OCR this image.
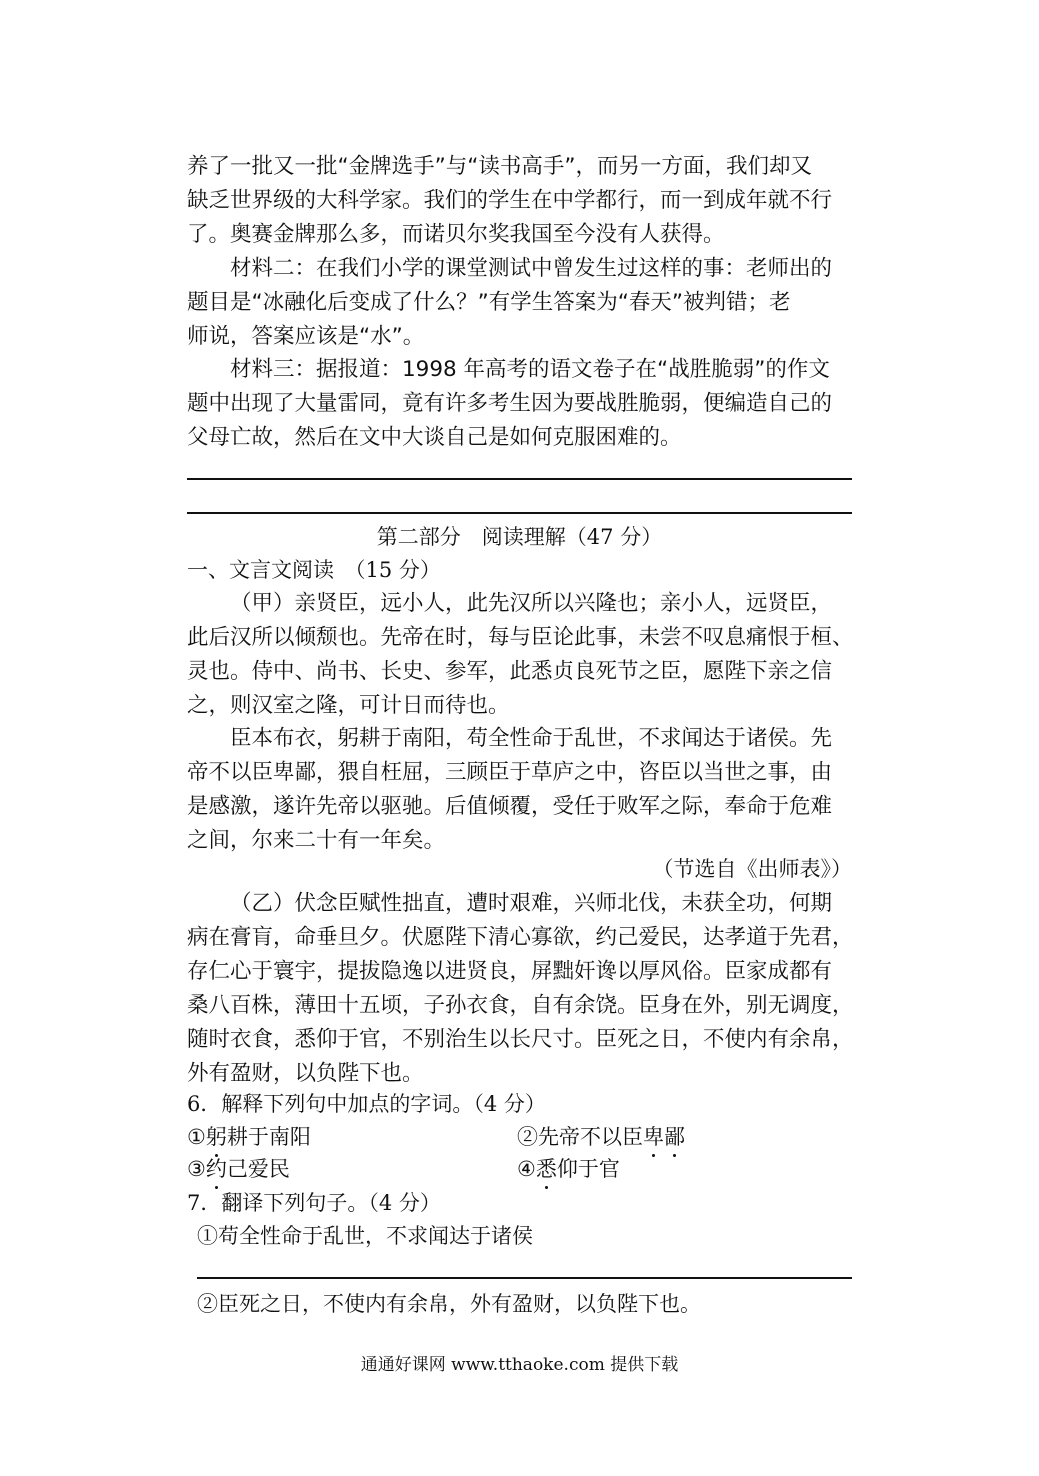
养了一批又一批“金牌选手”与“读书高手”，而另一方面，我们却又
缺乏世界级的大科学家。我们的学生在中学都行，而一到成年就不行
了。奥赛金牌那么多，而诺贝尔奖我国至今没有人获得。
材料二：在我们小学的课堂测试中曾发生过这样的事：老师出的
题目是“冰融化后变成了什么？”有学生答案为“春天”被判错；老
师说，答案应该是“水”。
材料三：据报道：1998 年高考的语文卷子在“战胜脆弱”的作文
题中出现了大量雷同，竟有许多考生因为要战胜脆弱，便编造自己的
父母亡故，然后在文中大谈自己是如何克服困难的。
第二部分　阅读理解（47 分）
一、文言文阅读　（15 分）
（甲）亲贤臣，远小人，此先汉所以兴隆也；亲小人，远贤臣，
此后汉所以倾颓也。先帝在时，每与臣论此事，未尝不叹息痛恨于桓、
灵也。侍中、尚书、长史、参军，此悉贞良死节之臣，愿陛下亲之信
之，则汉室之隆，可计日而待也。
臣本布衣，躬耕于南阳，苟全性命于乱世，不求闻达于诸侯。先
帝不以臣卑鄙，猥自枉屈，三顾臣于草庐之中，咨臣以当世之事，由
是感激，遂许先帝以驱驰。后值倾覆，受任于败军之际，奉命于危难
之间，尔来二十有一年矣。
（节选自《出师表》）
（乙）伏念臣赋性拙直，遭时艰难，兴师北伐，未获全功，何期
病在膏肓，命垂旦夕。伏愿陛下清心寡欲，约己爱民，达孝道于先君，
存仁心于寰宇，提拔隐逸以进贤良，屏黜奸谗以厚风俗。臣家成都有
桑八百株，薄田十五顷，子孙衣食，自有余饶。臣身在外，别无调度，
随时衣食，悉仰于官，不别治生以长尺寸。臣死之日，不使内有余帛，
外有盈财，以负陛下也。
6．解释下列句中加点的字词。（4 分）
①躬耕于南阳	②先帝不以臣卑鄙
③约己爱民	④悉仰于官
7．翻译下列句子。（4 分）
①苟全性命于乱世，不求闻达于诸侯
②臣死之日，不使内有余帛，外有盈财，以负陛下也。
通通好课网 www.tthaoke.com 提供下载
